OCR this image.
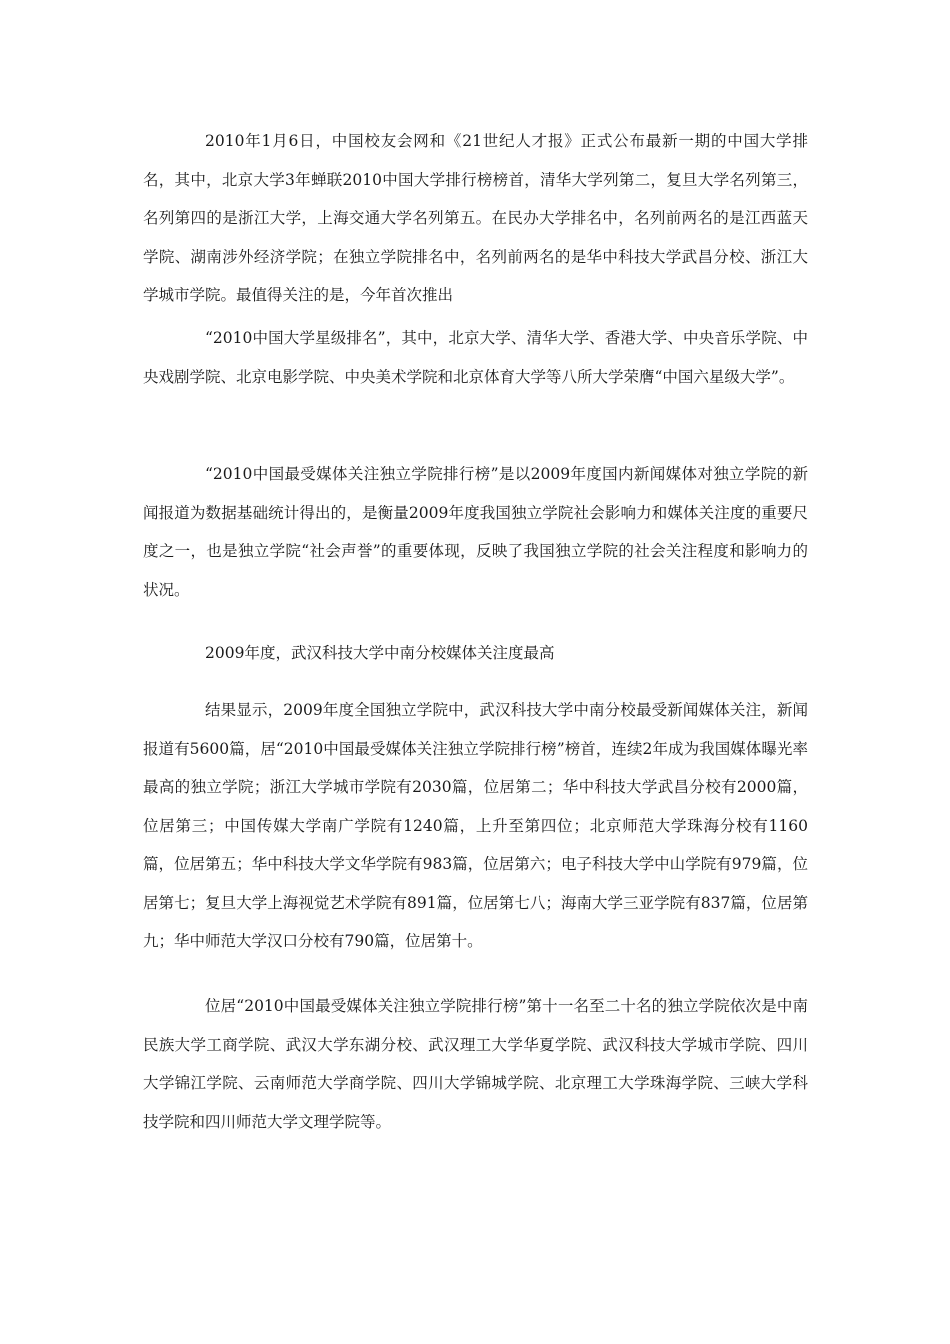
2010年1月6日，中国校友会网和《21世纪人才报》正式公布最新一期的中国大学排名，其中，北京大学3年蝉联2010中国大学排行榜榜首，清华大学列第二，复旦大学名列第三，名列第四的是浙江大学，上海交通大学名列第五。在民办大学排名中，名列前两名的是江西蓝天学院、湖南涉外经济学院；在独立学院排名中，名列前两名的是华中科技大学武昌分校、浙江大学城市学院。最值得关注的是，今年首次推出

“2010中国大学星级排名”，其中，北京大学、清华大学、香港大学、中央音乐学院、中央戏剧学院、北京电影学院、中央美术学院和北京体育大学等八所大学荣膺“中国六星级大学”。

“2010中国最受媒体关注独立学院排行榜”是以2009年度国内新闻媒体对独立学院的新闻报道为数据基础统计得出的，是衡量2009年度我国独立学院社会影响力和媒体关注度的重要尺度之一，也是独立学院“社会声誉”的重要体现，反映了我国独立学院的社会关注程度和影响力的状况。

2009年度，武汉科技大学中南分校媒体关注度最高

结果显示，2009年度全国独立学院中，武汉科技大学中南分校最受新闻媒体关注，新闻报道有5600篇，居“2010中国最受媒体关注独立学院排行榜”榜首，连续2年成为我国媒体曝光率最高的独立学院；浙江大学城市学院有2030篇，位居第二；华中科技大学武昌分校有2000篇，位居第三；中国传媒大学南广学院有1240篇，上升至第四位；北京师范大学珠海分校有1160篇，位居第五；华中科技大学文华学院有983篇，位居第六；电子科技大学中山学院有979篇，位居第七；复旦大学上海视觉艺术学院有891篇，位居第七八；海南大学三亚学院有837篇，位居第九；华中师范大学汉口分校有790篇，位居第十。

位居“2010中国最受媒体关注独立学院排行榜”第十一名至二十名的独立学院依次是中南民族大学工商学院、武汉大学东湖分校、武汉理工大学华夏学院、武汉科技大学城市学院、四川大学锦江学院、云南师范大学商学院、四川大学锦城学院、北京理工大学珠海学院、三峡大学科技学院和四川师范大学文理学院等。
